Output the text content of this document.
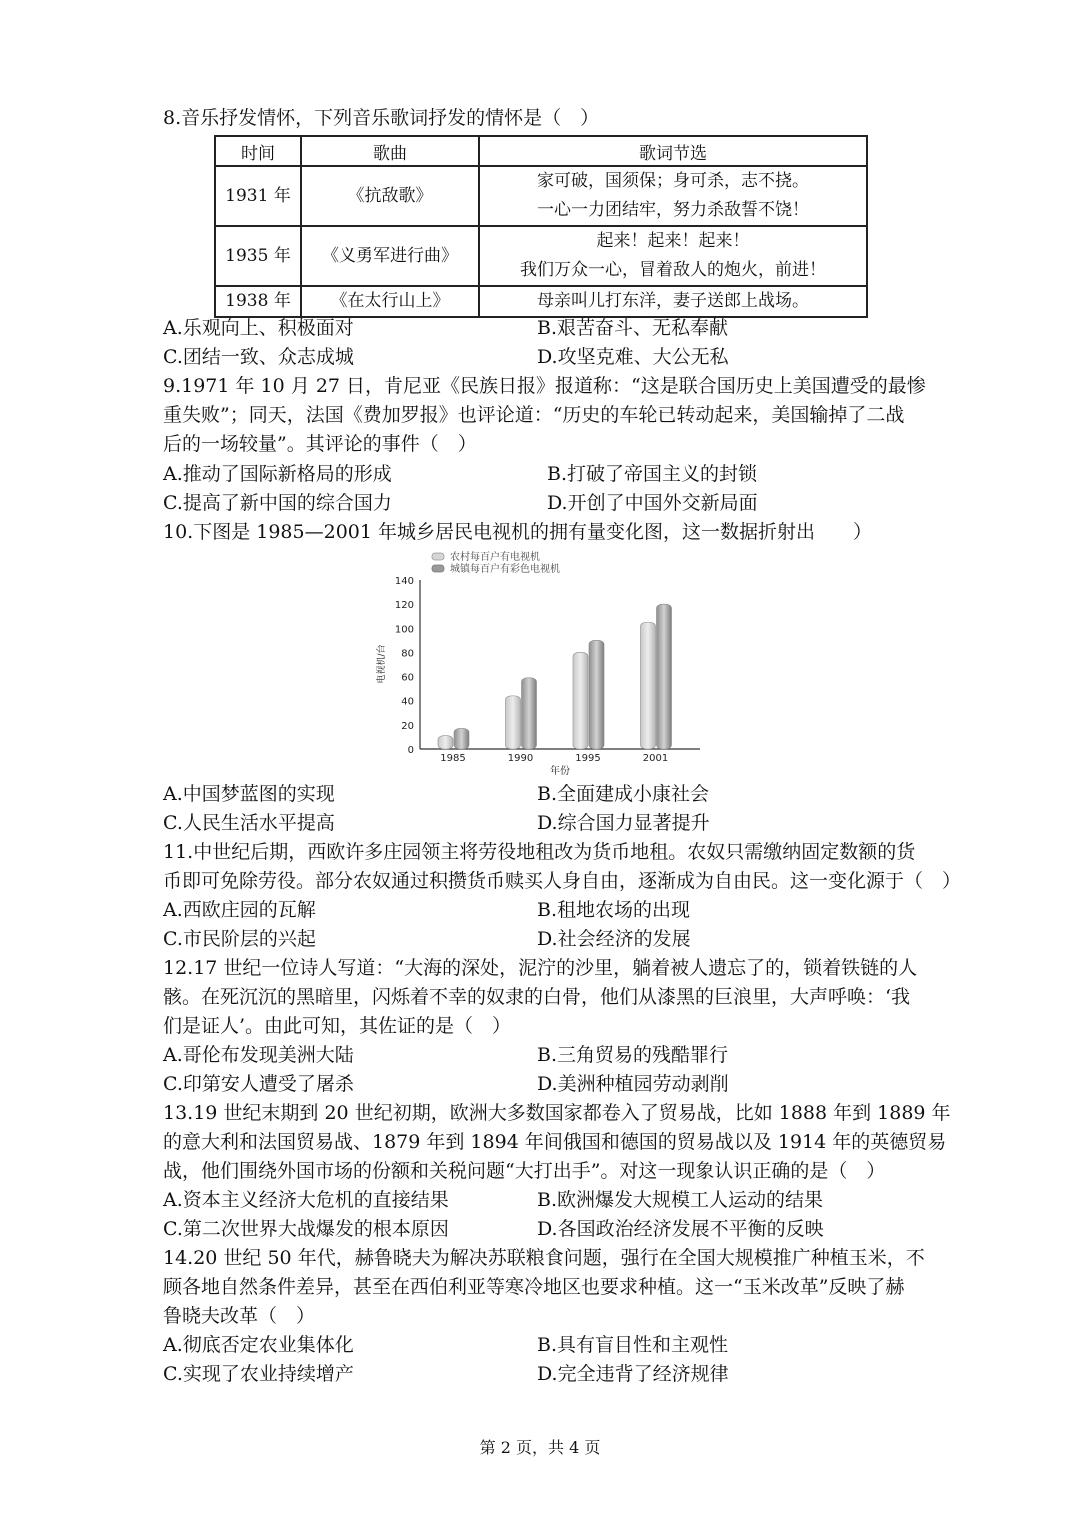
8.音乐抒发情怀，下列音乐歌词抒发的情怀是（　）
时间	歌曲	歌词节选
1931 年	《抗敌歌》	家可破，国须保；身可杀，志不挠。
一心一力团结牢，努力杀敌誓不饶！

1935 年	《义勇军进行曲》	起来！起来！起来！
我们万众一心，冒着敌人的炮火，前进！

1938 年	《在太行山上》	母亲叫儿打东洋，妻子送郎上战场。
A.乐观向上、积极面对	B.艰苦奋斗、无私奉献
C.团结一致、众志成城	D.攻坚克难、大公无私
9.1971 年 10 月 27 日，肯尼亚《民族日报》报道称：“这是联合国历史上美国遭受的最惨
重失败”；同天，法国《费加罗报》也评论道：“历史的车轮已转动起来，美国输掉了二战
后的一场较量”。其评论的事件（　）
A.推动了国际新格局的形成	B.打破了帝国主义的封锁
C.提高了新中国的综合国力	D.开创了中国外交新局面
10.下图是 1985—2001 年城乡居民电视机的拥有量变化图，这一数据折射出　　）
农村每百户有电视机
城镇每百户有彩色电视机
电视机/台
年份
0
20
40
60
80
100
120
140
1985	1990	1995	2001
A.中国梦蓝图的实现	B.全面建成小康社会
C.人民生活水平提高	D.综合国力显著提升
11.中世纪后期，西欧许多庄园领主将劳役地租改为货币地租。农奴只需缴纳固定数额的货
币即可免除劳役。部分农奴通过积攒货币赎买人身自由，逐渐成为自由民。这一变化源于（　）
A.西欧庄园的瓦解	B.租地农场的出现
C.市民阶层的兴起	D.社会经济的发展
12.17 世纪一位诗人写道：“大海的深处，泥泞的沙里，躺着被人遗忘了的，锁着铁链的人
骸。在死沉沉的黑暗里，闪烁着不幸的奴隶的白骨，他们从漆黑的巨浪里，大声呼唤：‘我
们是证人’。由此可知，其佐证的是（　）
A.哥伦布发现美洲大陆	B.三角贸易的残酷罪行
C.印第安人遭受了屠杀	D.美洲种植园劳动剥削
13.19 世纪末期到 20 世纪初期，欧洲大多数国家都卷入了贸易战，比如 1888 年到 1889 年
的意大利和法国贸易战、1879 年到 1894 年间俄国和德国的贸易战以及 1914 年的英德贸易
战，他们围绕外国市场的份额和关税问题“大打出手”。对这一现象认识正确的是（　）
A.资本主义经济大危机的直接结果	B.欧洲爆发大规模工人运动的结果
C.第二次世界大战爆发的根本原因	D.各国政治经济发展不平衡的反映
14.20 世纪 50 年代，赫鲁晓夫为解决苏联粮食问题，强行在全国大规模推广种植玉米，不
顾各地自然条件差异，甚至在西伯利亚等寒冷地区也要求种植。这一“玉米改革”反映了赫
鲁晓夫改革（　）
A.彻底否定农业集体化	B.具有盲目性和主观性
C.实现了农业持续增产	D.完全违背了经济规律
第 2 页，共 4 页
